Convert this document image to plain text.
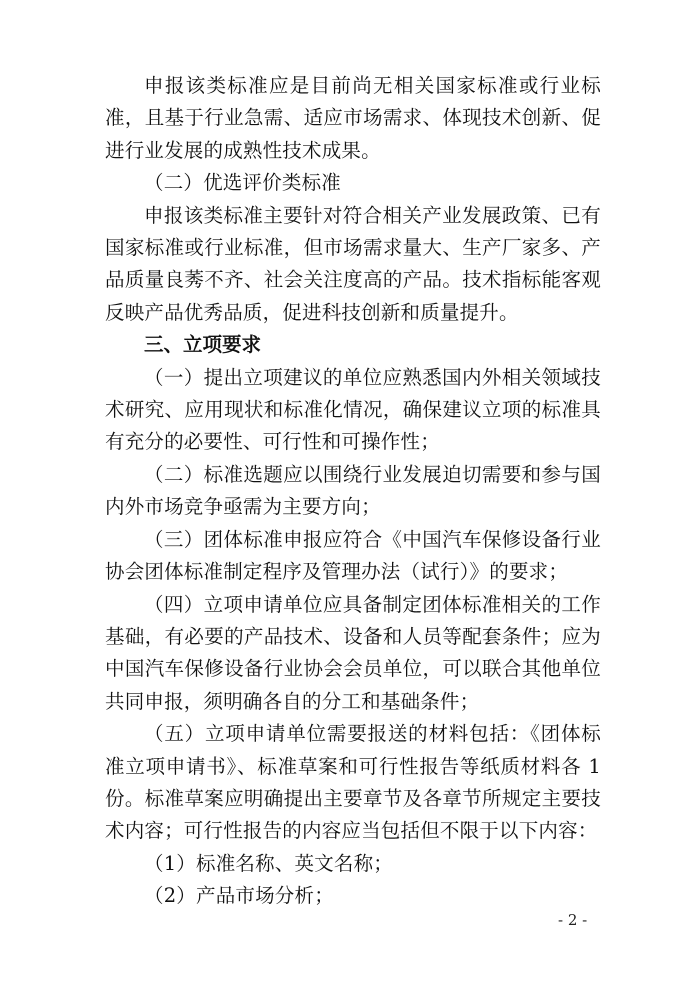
申报该类标准应是目前尚无相关国家标准或行业标准，且基于行业急需、适应市场需求、体现技术创新、促进行业发展的成熟性技术成果。

（二）优选评价类标准

申报该类标准主要针对符合相关产业发展政策、已有国家标准或行业标准，但市场需求量大、生产厂家多、产品质量良莠不齐、社会关注度高的产品。技术指标能客观反映产品优秀品质，促进科技创新和质量提升。

三、立项要求

（一）提出立项建议的单位应熟悉国内外相关领域技术研究、应用现状和标准化情况，确保建议立项的标准具有充分的必要性、可行性和可操作性；

（二）标准选题应以围绕行业发展迫切需要和参与国内外市场竞争亟需为主要方向；

（三）团体标准申报应符合《中国汽车保修设备行业协会团体标准制定程序及管理办法（试行）》的要求；

（四）立项申请单位应具备制定团体标准相关的工作基础，有必要的产品技术、设备和人员等配套条件；应为中国汽车保修设备行业协会会员单位，可以联合其他单位共同申报，须明确各自的分工和基础条件；

（五）立项申请单位需要报送的材料包括：《团体标准立项申请书》、标准草案和可行性报告等纸质材料各 1 份。标准草案应明确提出主要章节及各章节所规定主要技术内容；可行性报告的内容应当包括但不限于以下内容：

（1）标准名称、英文名称；

（2）产品市场分析；

- 2 -
